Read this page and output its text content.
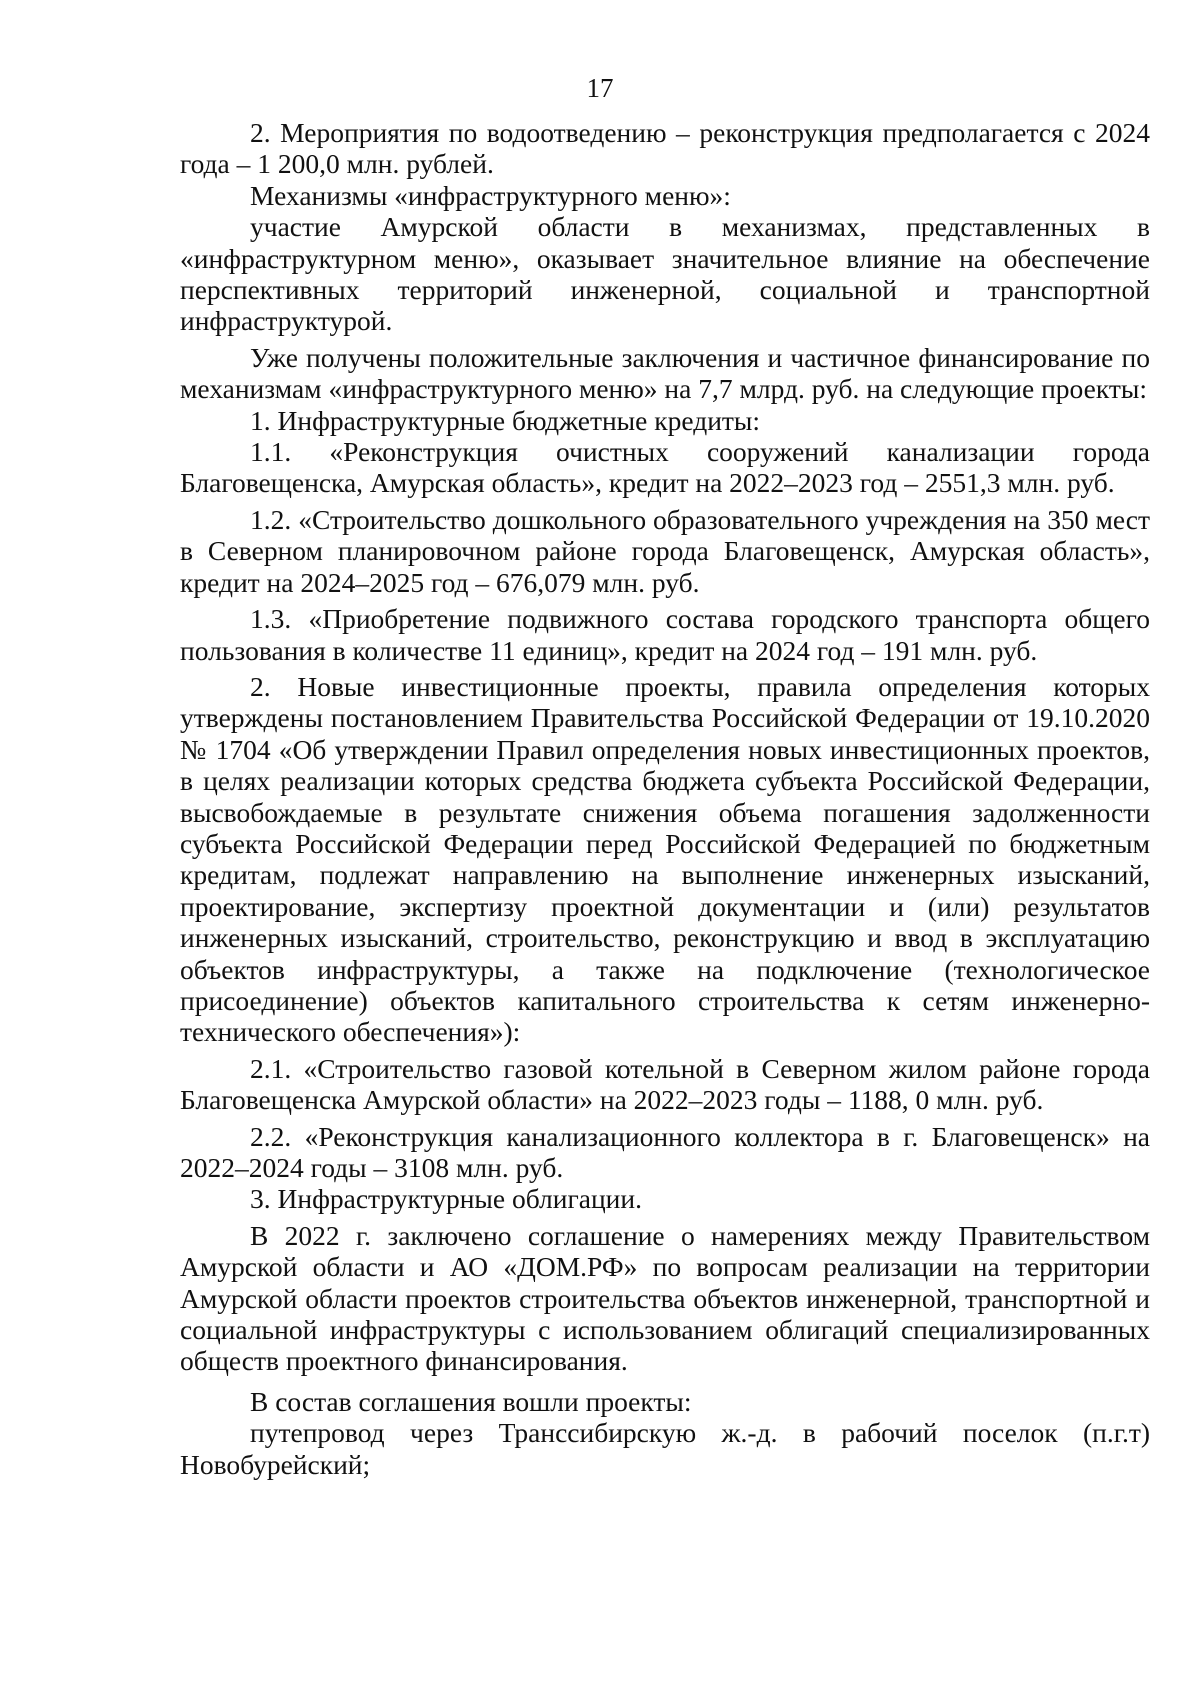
17

2. Мероприятия по водоотведению – реконструкция предполагается с 2024 года – 1 200,0 млн. рублей.

Механизмы «инфраструктурного меню»:

участие Амурской области в механизмах, представленных в «инфраструктурном меню», оказывает значительное влияние на обеспечение перспективных территорий инженерной, социальной и транспортной инфраструктурой.

Уже получены положительные заключения и частичное финансирование по механизмам «инфраструктурного меню» на 7,7 млрд. руб. на следующие проекты:

1. Инфраструктурные бюджетные кредиты:

1.1. «Реконструкция очистных сооружений канализации города Благовещенска, Амурская область», кредит на 2022–2023 год – 2551,3 млн. руб.

1.2. «Строительство дошкольного образовательного учреждения на 350 мест в Северном планировочном районе города Благовещенск, Амурская область», кредит на 2024–2025 год – 676,079 млн. руб.

1.3. «Приобретение подвижного состава городского транспорта общего пользования в количестве 11 единиц», кредит на 2024 год – 191 млн. руб.

2. Новые инвестиционные проекты, правила определения которых утверждены постановлением Правительства Российской Федерации от 19.10.2020 № 1704 «Об утверждении Правил определения новых инвестиционных проектов, в целях реализации которых средства бюджета субъекта Российской Федерации, высвобождаемые в результате снижения объема погашения задолженности субъекта Российской Федерации перед Российской Федерацией по бюджетным кредитам, подлежат направлению на выполнение инженерных изысканий, проектирование, экспертизу проектной документации и (или) результатов инженерных изысканий, строительство, реконструкцию и ввод в эксплуатацию объектов инфраструктуры, а также на подключение (технологическое присоединение) объектов капитального строительства к сетям инженерно-технического обеспечения»):

2.1. «Строительство газовой котельной в Северном жилом районе города Благовещенска Амурской области» на 2022–2023 годы – 1188, 0 млн. руб.

2.2. «Реконструкция канализационного коллектора в г. Благовещенск» на 2022–2024 годы – 3108 млн. руб.

3. Инфраструктурные облигации.

В 2022 г. заключено соглашение о намерениях между Правительством Амурской области и АО «ДОМ.РФ» по вопросам реализации на территории Амурской области проектов строительства объектов инженерной, транспортной и социальной инфраструктуры с использованием облигаций специализированных обществ проектного финансирования.

В состав соглашения вошли проекты:

путепровод через Транссибирскую ж.-д. в рабочий поселок (п.г.т) Новобурейский;
